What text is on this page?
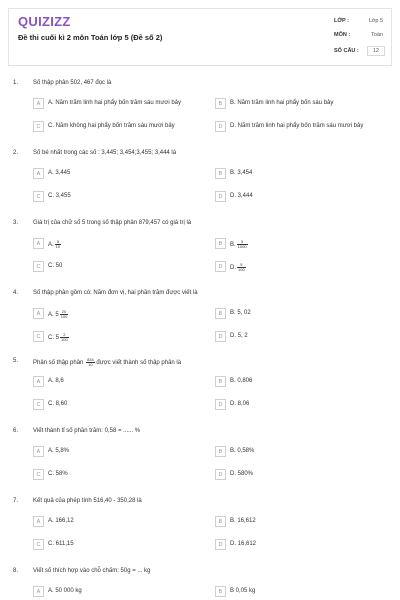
QUIZIZZ
Đề thi cuối kì 2 môn Toán lớp 5 (Đề số 2)
LỚP :	Lớp 5
MÔN :	Toán
SỐ CÂU :	12
1. Số thập phân 502, 467 đọc là
A	A. Năm trăm linh hai phẩy bốn trăm sáu mươi bảy	B	B. Năm trăm linh hai phẩy bốn sáu bảy
C	C. Năm không hai phẩy bốn trăm sáu mươi bảy	D	D. Năm trăm linh hai phẩy bốn trăm sáu mươi bảy
2. Số bé nhất trong các số : 3,445; 3,454;3,455; 3,444 là
A	A. 3,445	B	B. 3,454
C	C. 3,455	D	D. 3,444
3. Giá trị của chữ số 5 trong số thập phân 879,457 có giá trị là
A	A. $\frac{5}{10}$	B	B. $\frac{5}{1000}$
C	C. 50	D	D. $\frac{5}{100}$
4. Số thập phân gồm có: Năm đơn vị, hai phần trăm được viết là
A	A. $5 \frac{20}{100}$	B	B. 5, 02
C	C. $5 \frac{2}{100}$	D	D. 5, 2
5. Phân số thập phân $\frac{834}{10}$ được viết thành số thập phân là
A	A. 8,6	B	B. 0,806
C	C. 8,60	D	D. 8,06
6. Viết thành tỉ số phần trăm: 0,58 = ...... %
A	A. 5,8%	B	B. 0,58%
C	C. 58%	D	D. 580%
7. Kết quả của phép tính 516,40 - 350,28 là
A	A. 166,12	B	B. 16,612
C	C. 611,15	D	D. 16,612
8. Viết số thích hợp vào chỗ chấm: 50g = ... kg
A	A. 50 000 kg	B	B 0,05 kg
